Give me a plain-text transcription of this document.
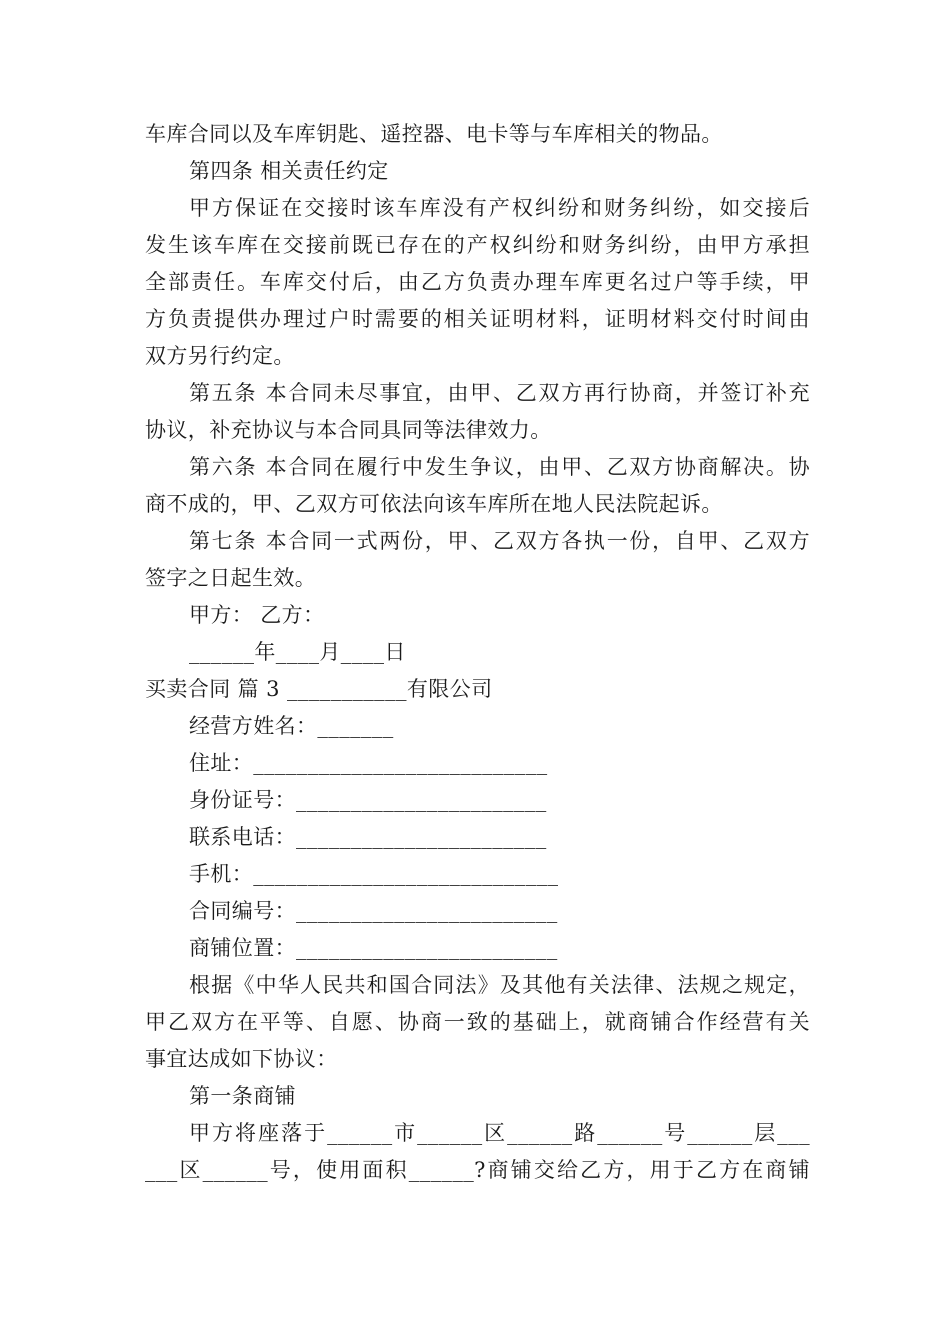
车库合同以及车库钥匙、遥控器、电卡等与车库相关的物品。
第四条 相关责任约定
甲方保证在交接时该车库没有产权纠纷和财务纠纷，如交接后
发生该车库在交接前既已存在的产权纠纷和财务纠纷，由甲方承担
全部责任。车库交付后，由乙方负责办理车库更名过户等手续，甲
方负责提供办理过户时需要的相关证明材料，证明材料交付时间由
双方另行约定。
第五条 本合同未尽事宜，由甲、乙双方再行协商，并签订补充
协议，补充协议与本合同具同等法律效力。
第六条 本合同在履行中发生争议，由甲、乙双方协商解决。协
商不成的，甲、乙双方可依法向该车库所在地人民法院起诉。
第七条 本合同一式两份，甲、乙双方各执一份，自甲、乙双方
签字之日起生效。
甲方： 乙方：
______年____月____日
买卖合同 篇 3 ___________有限公司
经营方姓名：_______
住址：___________________________
身份证号：_______________________
联系电话：_______________________
手机：____________________________
合同编号：________________________
商铺位置：________________________
根据《中华人民共和国合同法》及其他有关法律、法规之规定，
甲乙双方在平等、自愿、协商一致的基础上，就商铺合作经营有关
事宜达成如下协议：
第一条商铺
甲方将座落于______市______区______路______号______层___
___区______号，使用面积______?商铺交给乙方，用于乙方在商铺
